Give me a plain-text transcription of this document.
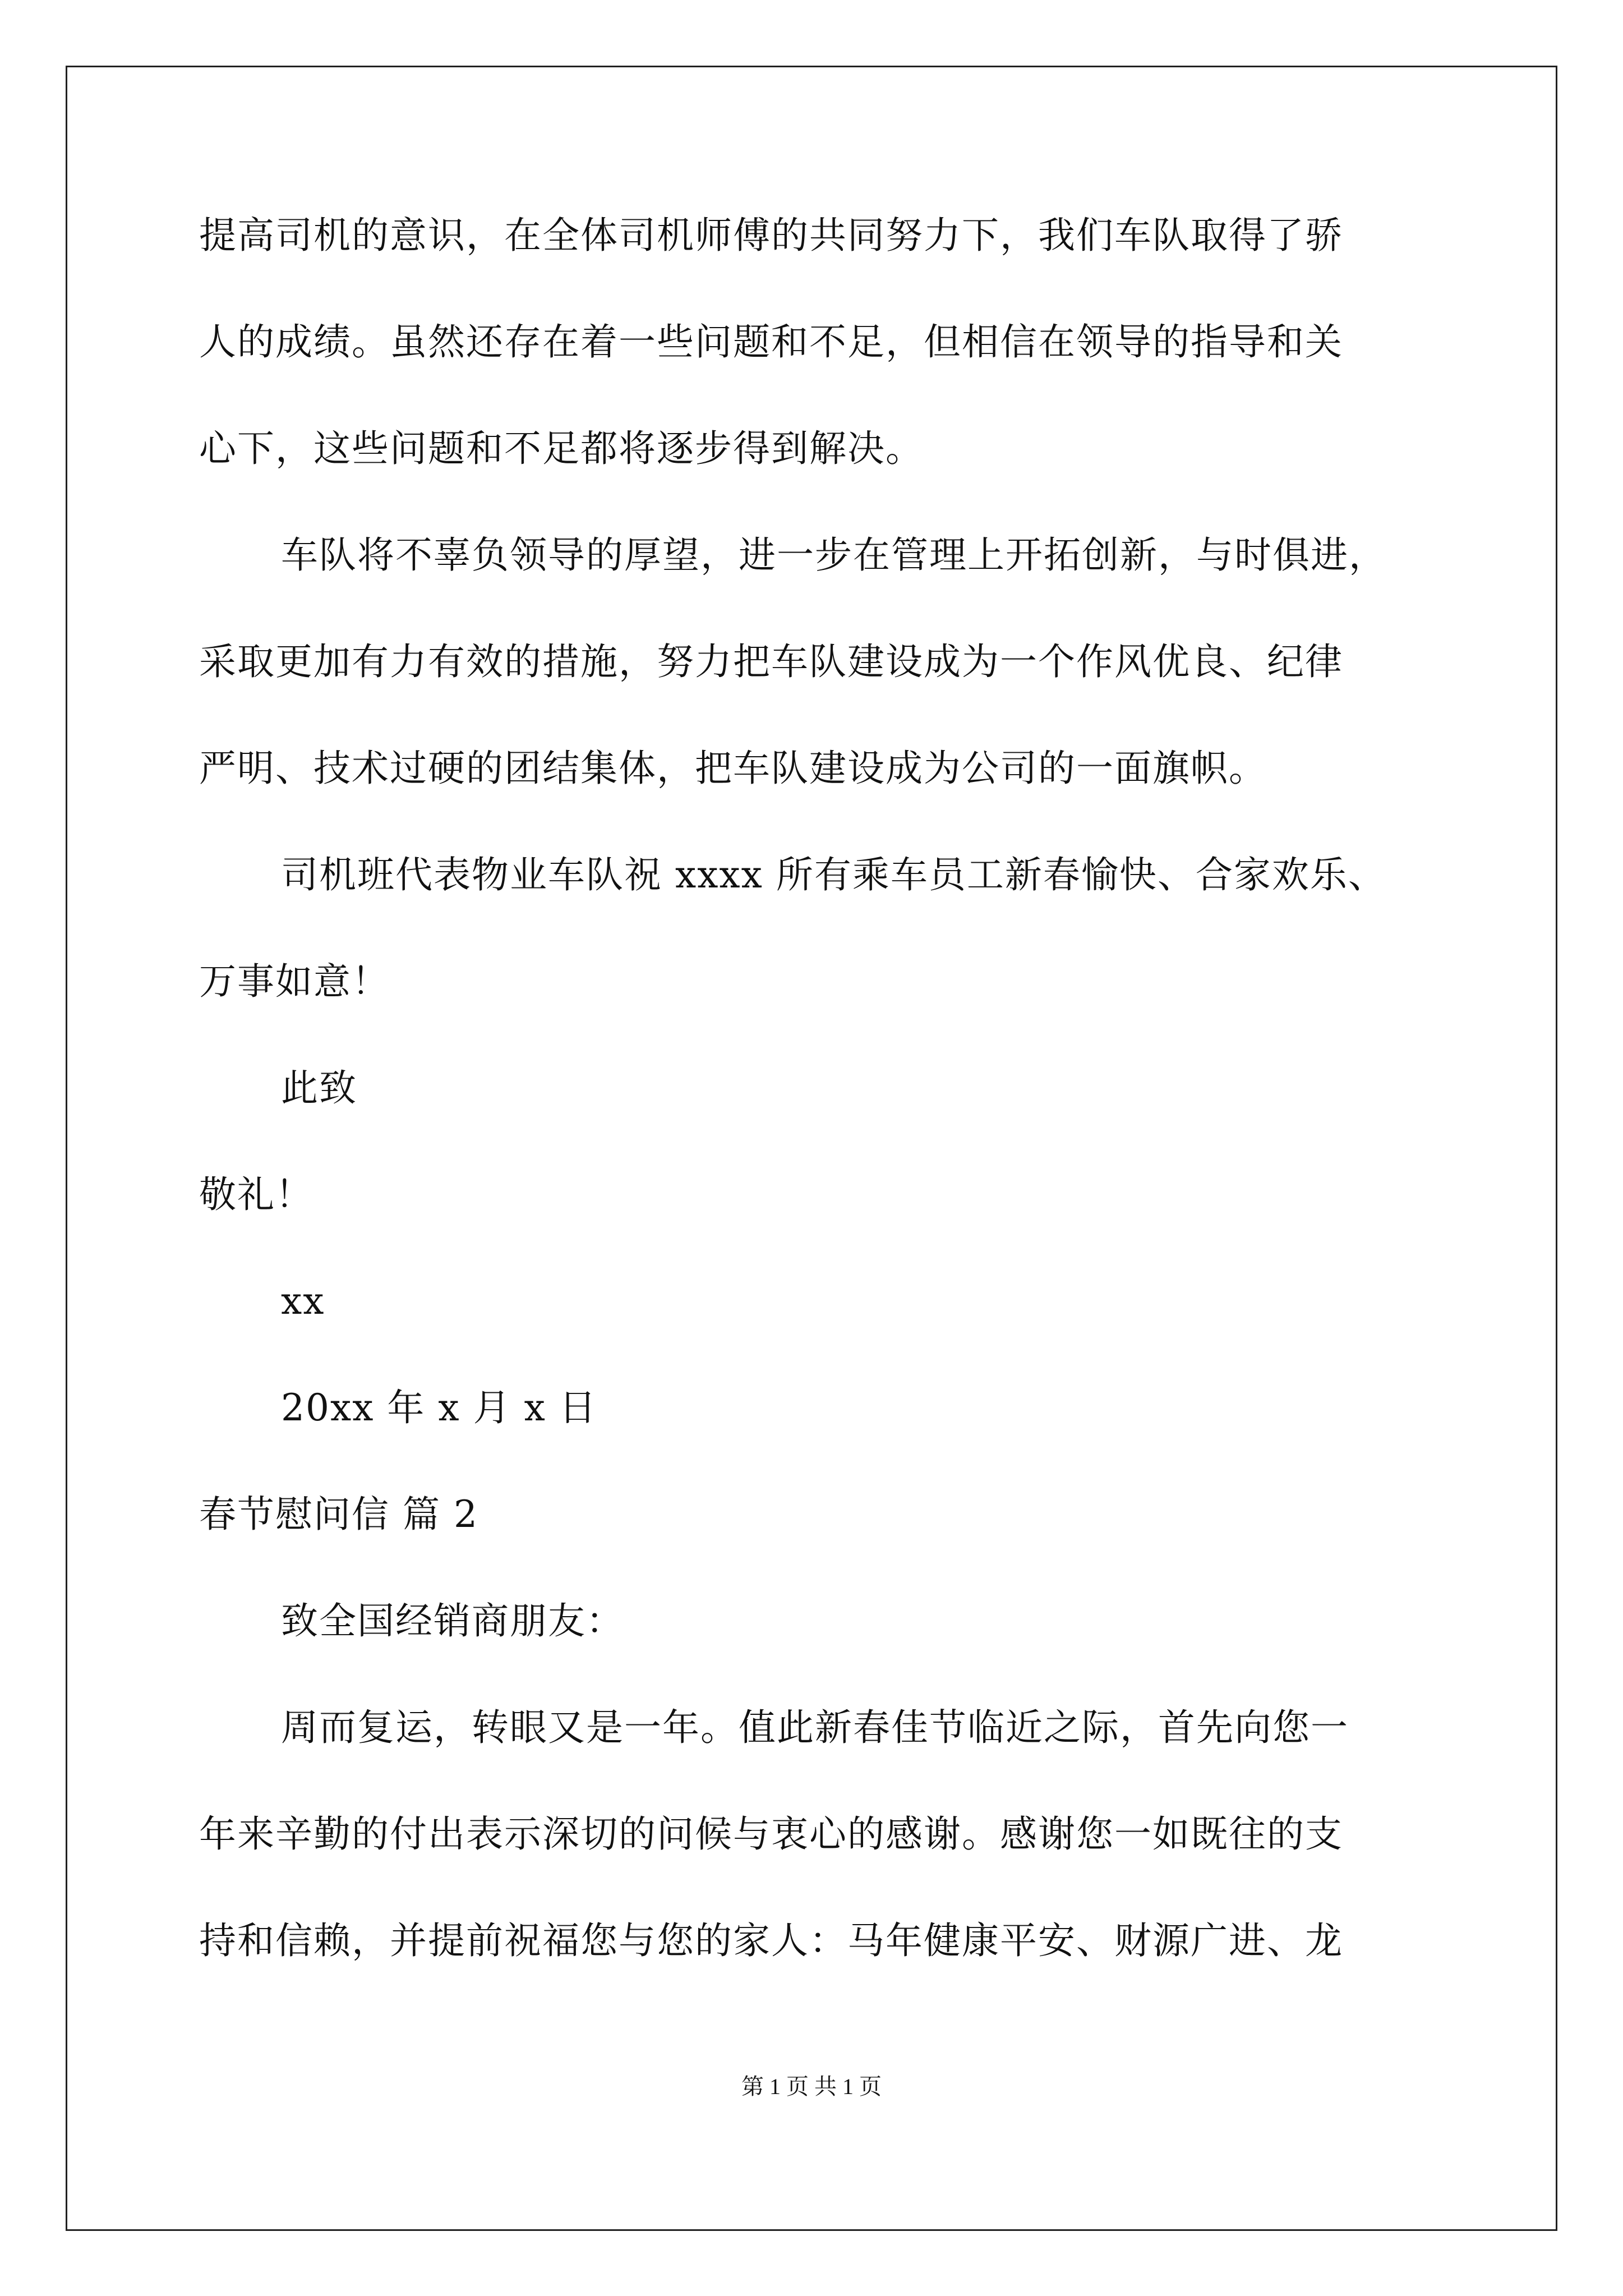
提高司机的意识，在全体司机师傅的共同努力下，我们车队取得了骄
人的成绩。虽然还存在着一些问题和不足，但相信在领导的指导和关
心下，这些问题和不足都将逐步得到解决。
车队将不辜负领导的厚望，进一步在管理上开拓创新，与时俱进，
采取更加有力有效的措施，努力把车队建设成为一个作风优良、纪律
严明、技术过硬的团结集体，把车队建设成为公司的一面旗帜。
司机班代表物业车队祝 xxxx 所有乘车员工新春愉快、合家欢乐、
万事如意！
此致
敬礼！
xx
20xx 年 x 月 x 日
春节慰问信 篇 2
致全国经销商朋友：
周而复运，转眼又是一年。值此新春佳节临近之际，首先向您一
年来辛勤的付出表示深切的问候与衷心的感谢。感谢您一如既往的支
持和信赖，并提前祝福您与您的家人：马年健康平安、财源广进、龙
第 1 页 共 1 页
